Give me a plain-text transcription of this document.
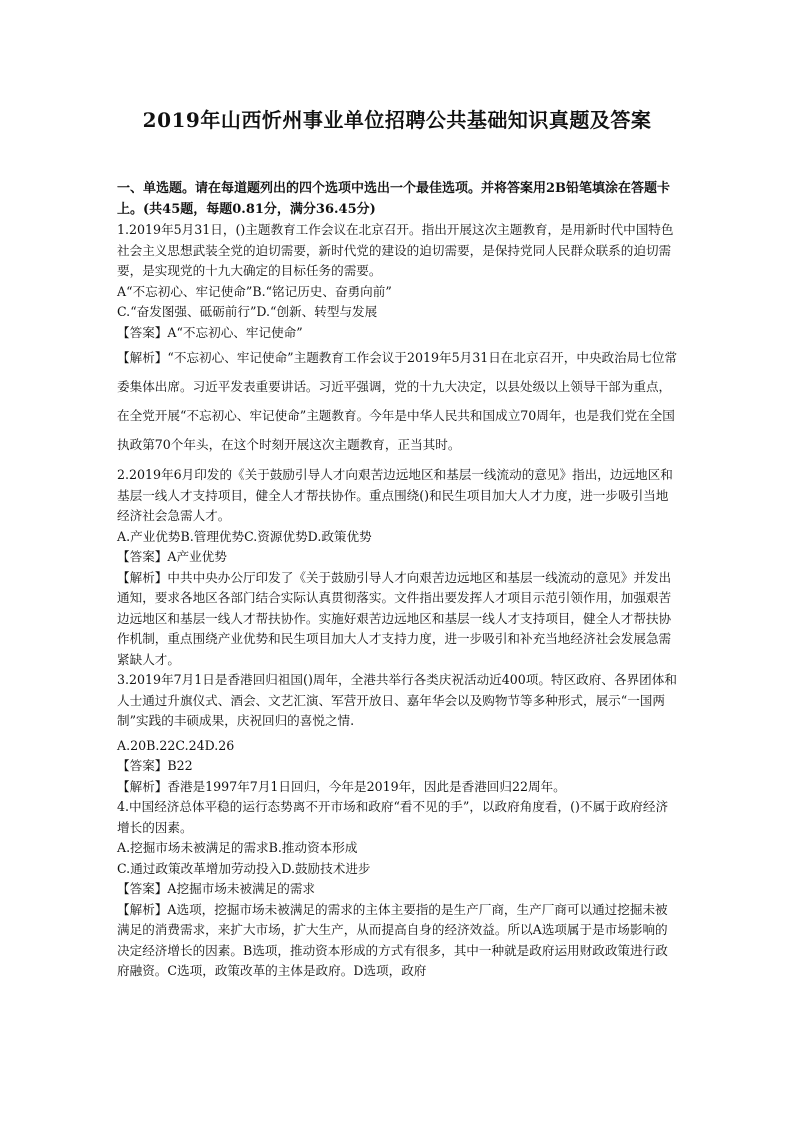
2019年山西忻州事业单位招聘公共基础知识真题及答案

一、单选题。请在每道题列出的四个选项中选出一个最佳选项。并将答案用2B铅笔填涂在答题卡上。(共45题，每题0.81分，满分36.45分)

1.2019年5月31日，()主题教育工作会议在北京召开。指出开展这次主题教育，是用新时代中国特色社会主义思想武装全党的迫切需要，新时代党的建设的迫切需要，是保持党同人民群众联系的迫切需要，是实现党的十九大确定的目标任务的需要。

A“不忘初心、牢记使命”B.“铭记历史、奋勇向前”

C.“奋发图强、砥砺前行”D.“创新、转型与发展

【答案】A“不忘初心、牢记使命”

【解析】“不忘初心、牢记使命”主题教育工作会议于2019年5月31日在北京召开，中央政治局七位常委集体出席。习近平发表重要讲话。习近平强调，党的十九大决定，以县处级以上领导干部为重点，在全党开展“不忘初心、牢记使命”主题教育。今年是中华人民共和国成立70周年，也是我们党在全国执政第70个年头，在这个时刻开展这次主题教育，正当其时。

2.2019年6月印发的《关于鼓励引导人才向艰苦边远地区和基层一线流动的意见》指出，边远地区和基层一线人才支持项目，健全人才帮扶协作。重点围绕()和民生项目加大人才力度，进一步吸引当地经济社会急需人才。

A.产业优势B.管理优势C.资源优势D.政策优势

【答案】A产业优势

【解析】中共中央办公厅印发了《关于鼓励引导人才向艰苦边远地区和基层一线流动的意见》并发出通知，要求各地区各部门结合实际认真贯彻落实。文件指出要发挥人才项目示范引领作用，加强艰苦边远地区和基层一线人才帮扶协作。实施好艰苦边远地区和基层一线人才支持项目，健全人才帮扶协作机制，重点围绕产业优势和民生项目加大人才支持力度，进一步吸引和补充当地经济社会发展急需紧缺人才。

3.2019年7月1日是香港回归祖国()周年，全港共举行各类庆祝活动近400项。特区政府、各界团体和人士通过升旗仪式、酒会、文艺汇演、军营开放日、嘉年华会以及购物节等多种形式，展示“一国两制”实践的丰硕成果，庆祝回归的喜悦之情.

A.20B.22C.24D.26

【答案】B22

【解析】香港是1997年7月1日回归，今年是2019年，因此是香港回归22周年。

4.中国经济总体平稳的运行态势离不开市场和政府“看不见的手”，以政府角度看，()不属于政府经济增长的因素。

A.挖掘市场未被满足的需求B.推动资本形成

C.通过政策改革增加劳动投入D.鼓励技术进步

【答案】A挖掘市场未被满足的需求

【解析】A选项，挖掘市场未被满足的需求的主体主要指的是生产厂商，生产厂商可以通过挖掘未被满足的消费需求，来扩大市场，扩大生产，从而提高自身的经济效益。所以A选项属于是市场影响的决定经济增长的因素。B选项，推动资本形成的方式有很多，其中一种就是政府运用财政政策进行政府融资。C选项，政策改革的主体是政府。D选项，政府
